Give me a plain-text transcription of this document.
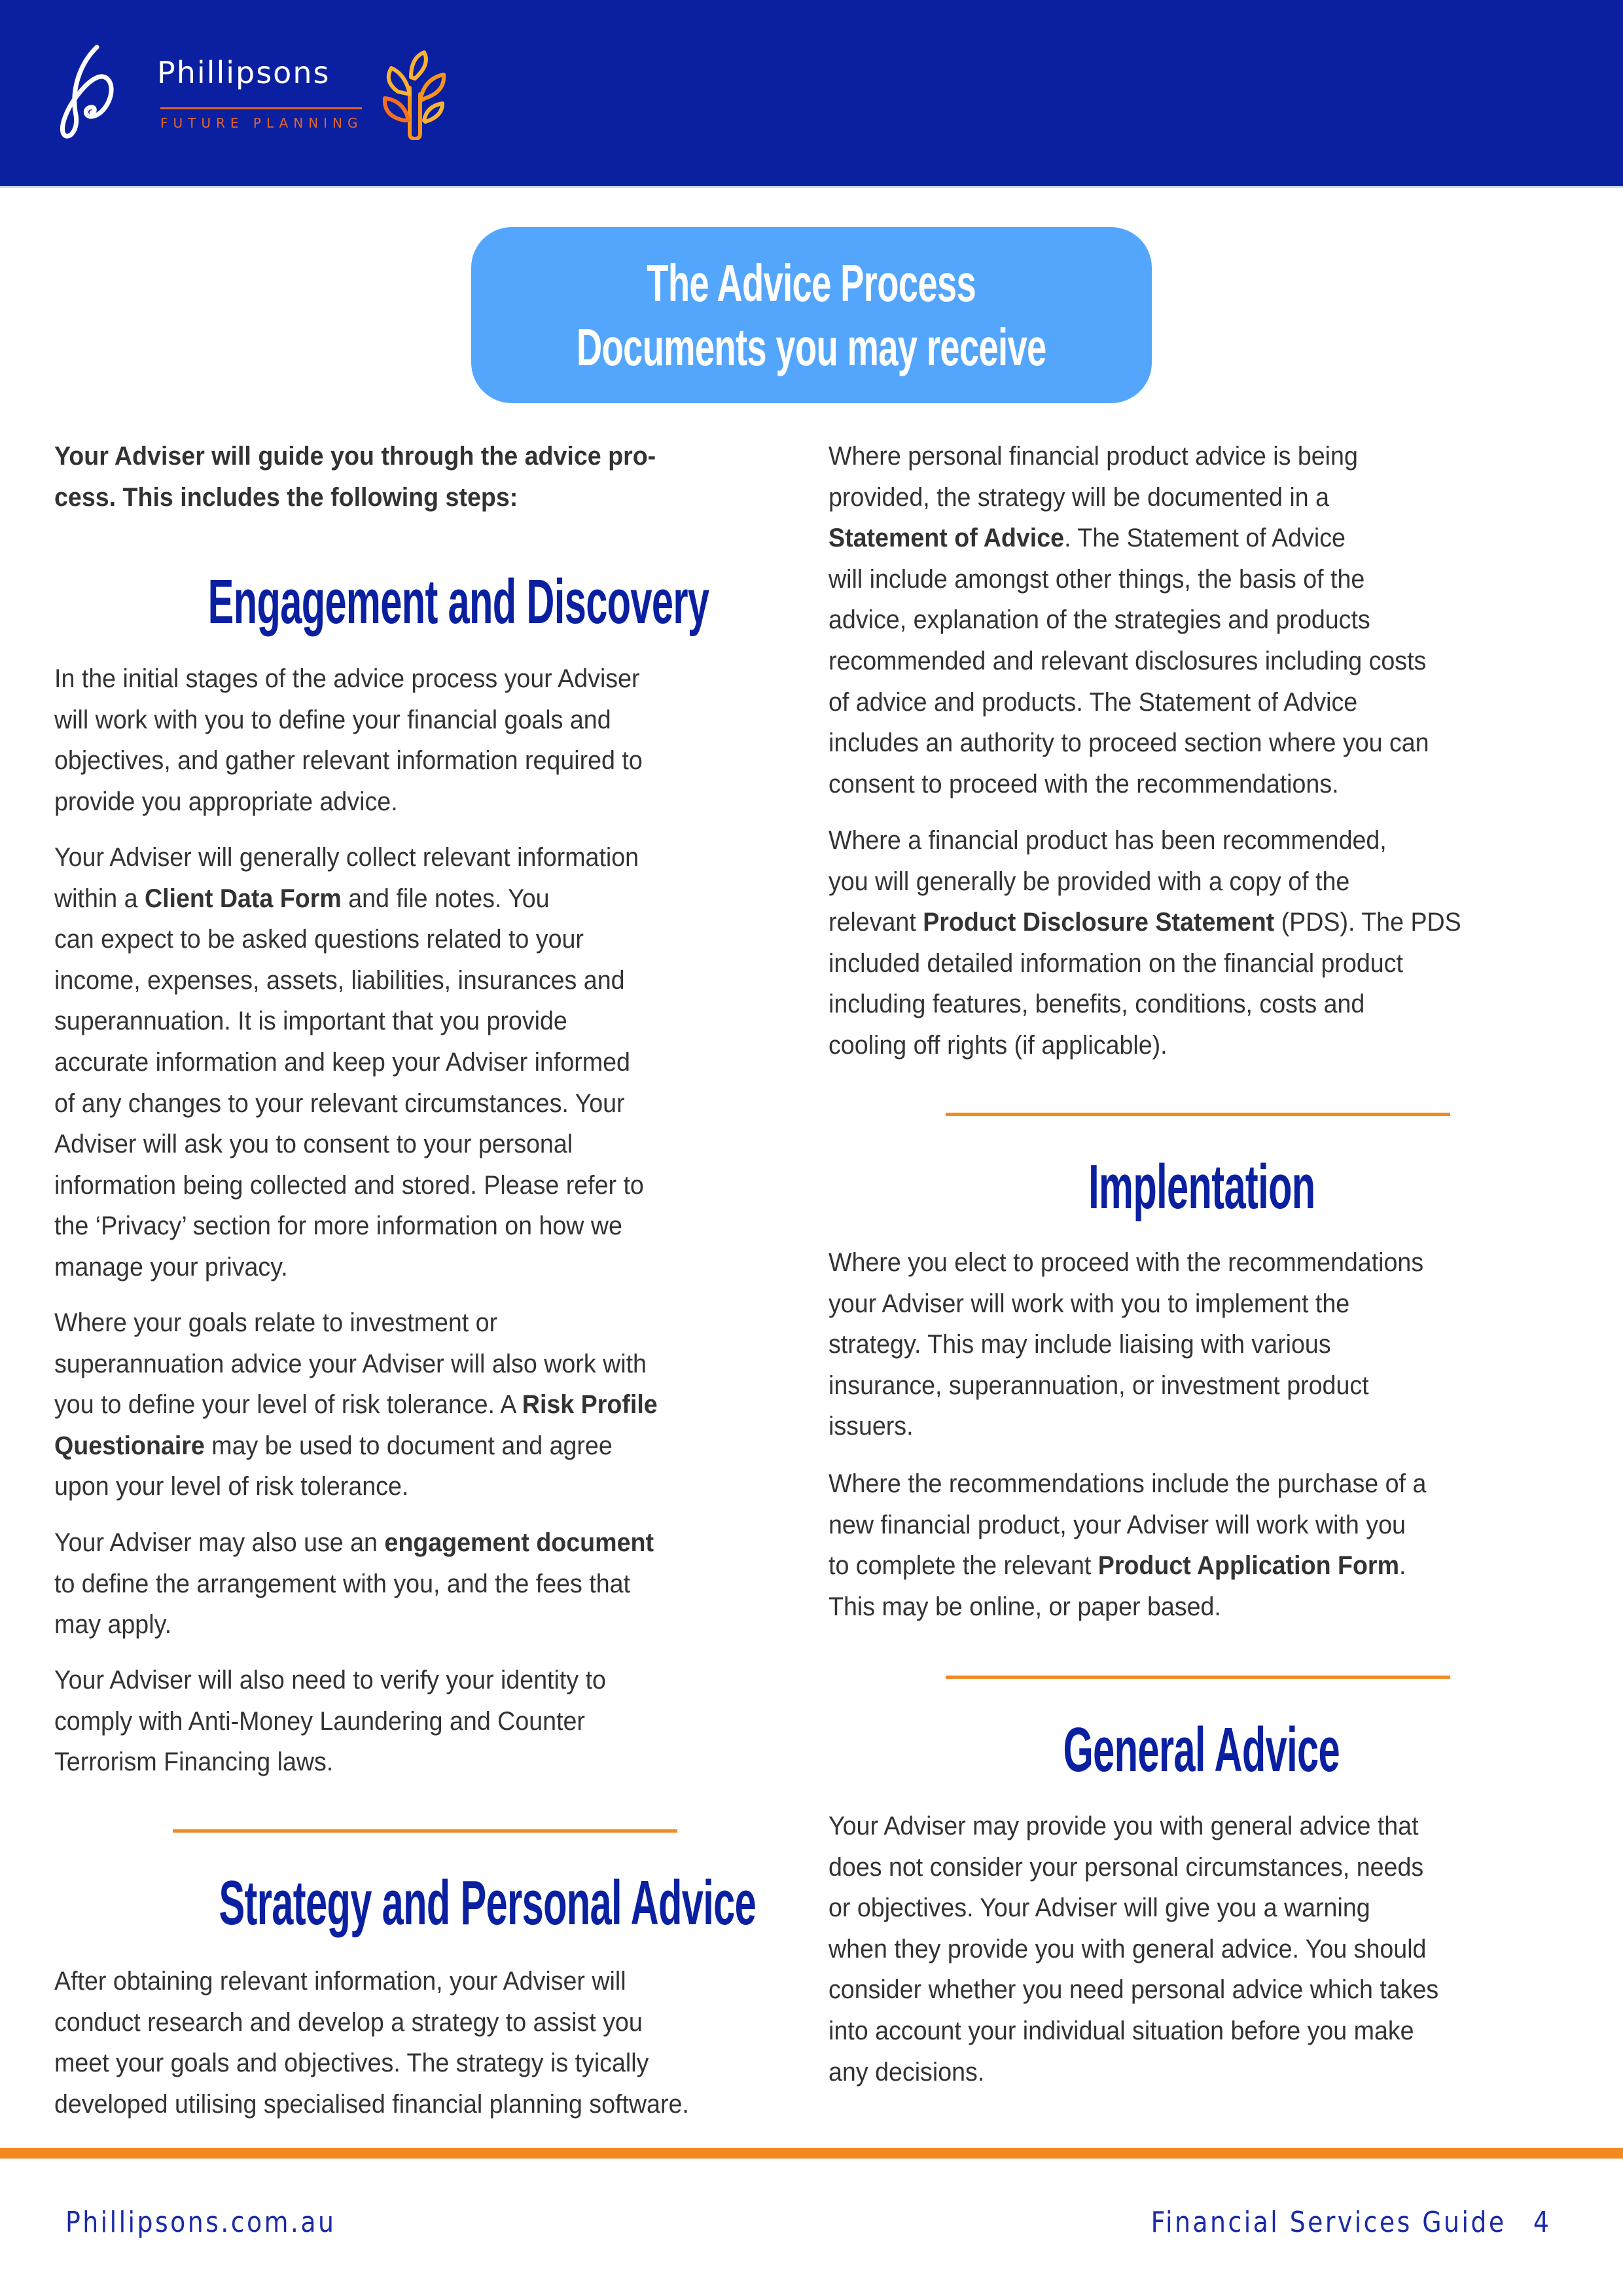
Phillipsons
FUTURE PLANNING
The Advice Process
Documents you may receive
Your Adviser will guide you through the advice pro-
cess. This includes the following steps:
Engagement and Discovery
In the initial stages of the advice process your Adviser
will work with you to define your financial goals and
objectives, and gather relevant information required to
provide you appropriate advice.
Your Adviser will generally collect relevant information
within a Client Data Form and file notes. You
can expect to be asked questions related to your
income, expenses, assets, liabilities, insurances and
superannuation. It is important that you provide
accurate information and keep your Adviser informed
of any changes to your relevant circumstances. Your
Adviser will ask you to consent to your personal
information being collected and stored. Please refer to
the ‘Privacy’ section for more information on how we
manage your privacy.
Where your goals relate to investment or
superannuation advice your Adviser will also work with
you to define your level of risk tolerance. A Risk Profile
Questionaire may be used to document and agree
upon your level of risk tolerance.
Your Adviser may also use an engagement document
to define the arrangement with you, and the fees that
may apply.
Your Adviser will also need to verify your identity to
comply with Anti-Money Laundering and Counter
Terrorism Financing laws.
Strategy and Personal Advice
After obtaining relevant information, your Adviser will
conduct research and develop a strategy to assist you
meet your goals and objectives. The strategy is tyically
developed utilising specialised financial planning software.
Where personal financial product advice is being
provided, the strategy will be documented in a
Statement of Advice. The Statement of Advice
will include amongst other things, the basis of the
advice, explanation of the strategies and products
recommended and relevant disclosures including costs
of advice and products. The Statement of Advice
includes an authority to proceed section where you can
consent to proceed with the recommendations.
Where a financial product has been recommended,
you will generally be provided with a copy of the
relevant Product Disclosure Statement (PDS). The PDS
included detailed information on the financial product
including features, benefits, conditions, costs and
cooling off rights (if applicable).
Implentation
Where you elect to proceed with the recommendations
your Adviser will work with you to implement the
strategy. This may include liaising with various
insurance, superannuation, or investment product
issuers.
Where the recommendations include the purchase of a
new financial product, your Adviser will work with you
to complete the relevant Product Application Form.
This may be online, or paper based.
General Advice
Your Adviser may provide you with general advice that
does not consider your personal circumstances, needs
or objectives. Your Adviser will give you a warning
when they provide you with general advice. You should
consider whether you need personal advice which takes
into account your individual situation before you make
any decisions.
Phillipsons.com.au	Financial Services Guide 4
